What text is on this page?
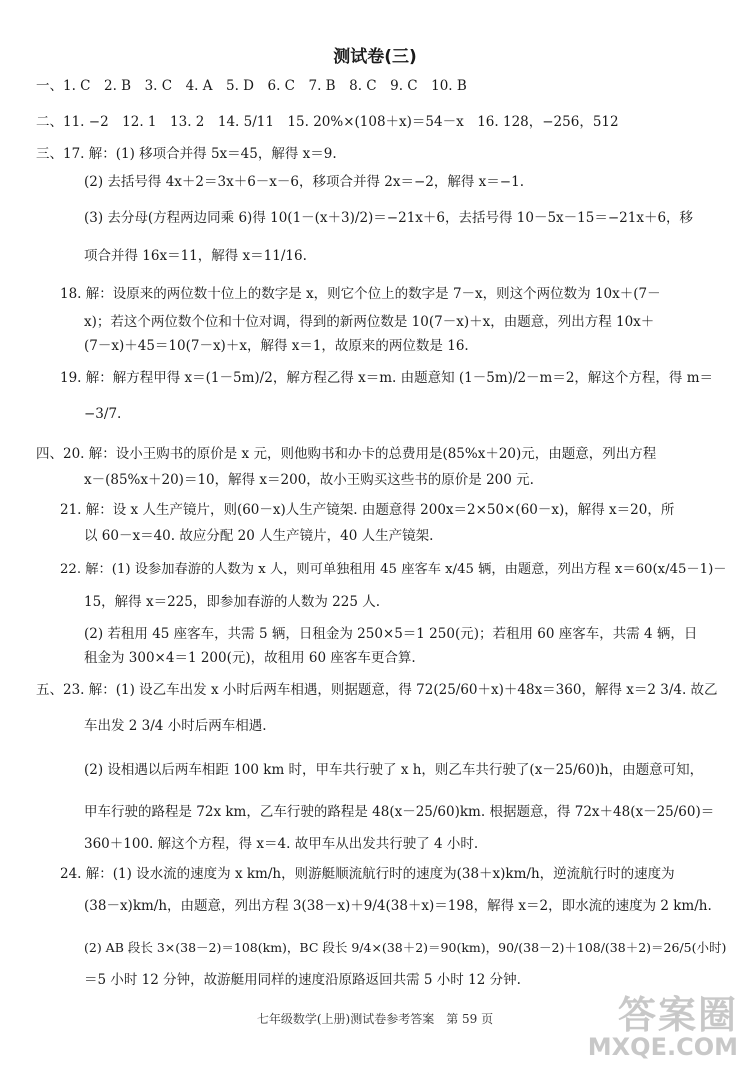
测试卷(三)
一、1. C　2. B　3. C　4. A　5. D　6. C　7. B　8. C　9. C　10. B
二、11. −2　12. 1　13. 2　14. 5/11　15. 20%×(108＋x)＝54－x　16. 128，−256，512
三、17. 解：(1) 移项合并得 5x＝45，解得 x＝9.
(2) 去括号得 4x＋2＝3x＋6－x－6，移项合并得 2x＝−2，解得 x＝−1.
(3) 去分母(方程两边同乘 6)得 10(1－(x＋3)/2)＝−21x＋6，去括号得 10－5x－15＝−21x＋6，移
项合并得 16x＝11，解得 x＝11/16.
18. 解：设原来的两位数十位上的数字是 x，则它个位上的数字是 7－x，则这个两位数为 10x＋(7－
x)；若这个两位数个位和十位对调，得到的新两位数是 10(7－x)＋x，由题意，列出方程 10x＋
(7－x)＋45＝10(7－x)＋x，解得 x＝1，故原来的两位数是 16.
19. 解：解方程甲得 x＝(1－5m)/2，解方程乙得 x＝m. 由题意知 (1－5m)/2－m＝2，解这个方程，得 m＝
−3/7.
四、20. 解：设小王购书的原价是 x 元，则他购书和办卡的总费用是(85%x＋20)元，由题意，列出方程
x－(85%x＋20)＝10，解得 x＝200，故小王购买这些书的原价是 200 元.
21. 解：设 x 人生产镜片，则(60－x)人生产镜架. 由题意得 200x＝2×50×(60－x)，解得 x＝20，所
以 60－x＝40. 故应分配 20 人生产镜片，40 人生产镜架.
22. 解：(1) 设参加春游的人数为 x 人，则可单独租用 45 座客车 x/45 辆，由题意，列出方程 x＝60(x/45－1)－
15，解得 x＝225，即参加春游的人数为 225 人.
(2) 若租用 45 座客车，共需 5 辆，日租金为 250×5＝1 250(元)；若租用 60 座客车，共需 4 辆，日
租金为 300×4＝1 200(元)，故租用 60 座客车更合算.
五、23. 解：(1) 设乙车出发 x 小时后两车相遇，则据题意，得 72(25/60＋x)＋48x＝360，解得 x＝2 3/4. 故乙
车出发 2 3/4 小时后两车相遇.
(2) 设相遇以后两车相距 100 km 时，甲车共行驶了 x h，则乙车共行驶了(x－25/60)h，由题意可知，
甲车行驶的路程是 72x km，乙车行驶的路程是 48(x－25/60)km. 根据题意，得 72x＋48(x－25/60)＝
360＋100. 解这个方程，得 x＝4. 故甲车从出发共行驶了 4 小时.
24. 解：(1) 设水流的速度为 x km/h，则游艇顺流航行时的速度为(38＋x)km/h，逆流航行时的速度为
(38－x)km/h，由题意，列出方程 3(38－x)＋9/4(38＋x)＝198，解得 x＝2，即水流的速度为 2 km/h.
(2) AB 段长 3×(38－2)＝108(km)，BC 段长 9/4×(38＋2)＝90(km)，90/(38－2)＋108/(38＋2)＝26/5(小时)
＝5 小时 12 分钟，故游艇用同样的速度沿原路返回共需 5 小时 12 分钟.
七年级数学(上册)测试卷参考答案　第 59 页	答案圈
MXQE.COM
